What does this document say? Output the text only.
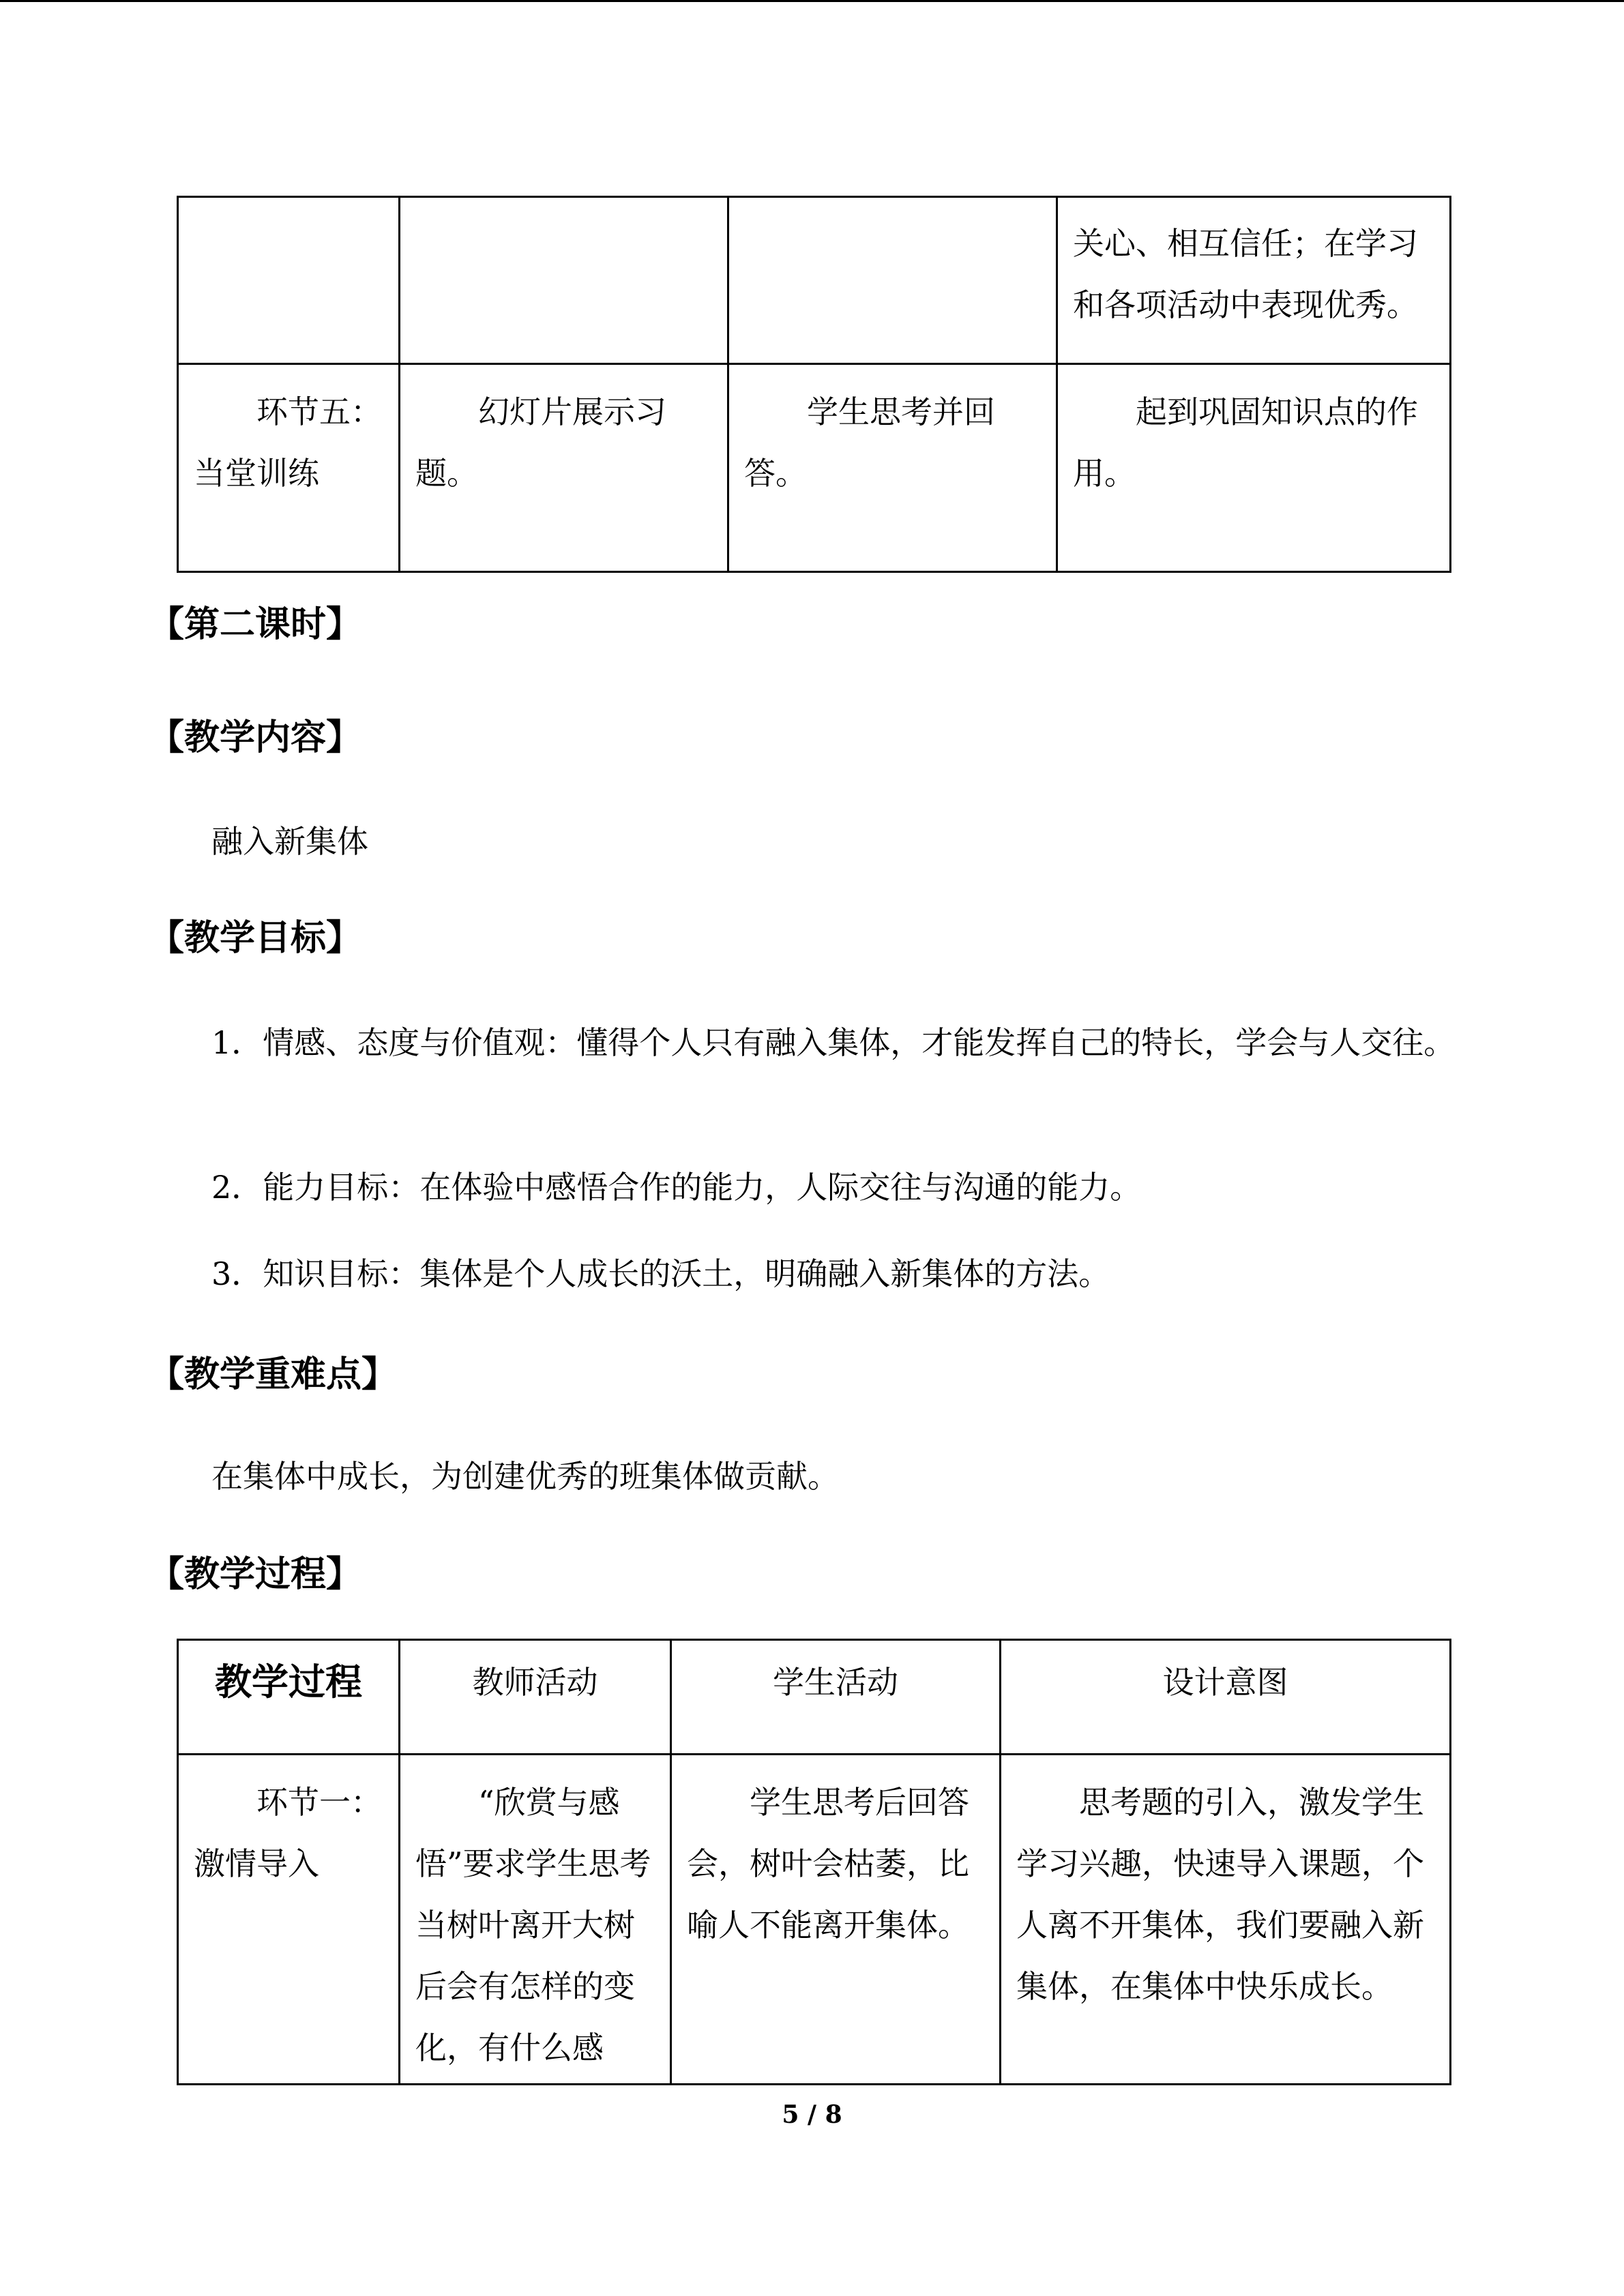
			关心、相互信任；在学习和各项活动中表现优秀。
环节五：当堂训练	幻灯片展示习题。	学生思考并回答。	起到巩固知识点的作用。
【第二课时】
【教学内容】
融入新集体
【教学目标】
1．情感、态度与价值观：懂得个人只有融入集体，才能发挥自己的特长，学会与人交往。
2．能力目标：在体验中感悟合作的能力，人际交往与沟通的能力。
3．知识目标：集体是个人成长的沃土，明确融入新集体的方法。
【教学重难点】
在集体中成长，为创建优秀的班集体做贡献。
【教学过程】
教学过程	教师活动	学生活动	设计意图
环节一：激情导入	“欣赏与感悟”要求学生思考当树叶离开大树后会有怎样的变化，有什么感	学生思考后回答会，树叶会枯萎，比喻人不能离开集体。	思考题的引入，激发学生学习兴趣，快速导入课题，个人离不开集体，我们要融入新集体，在集体中快乐成长。
5 / 8
